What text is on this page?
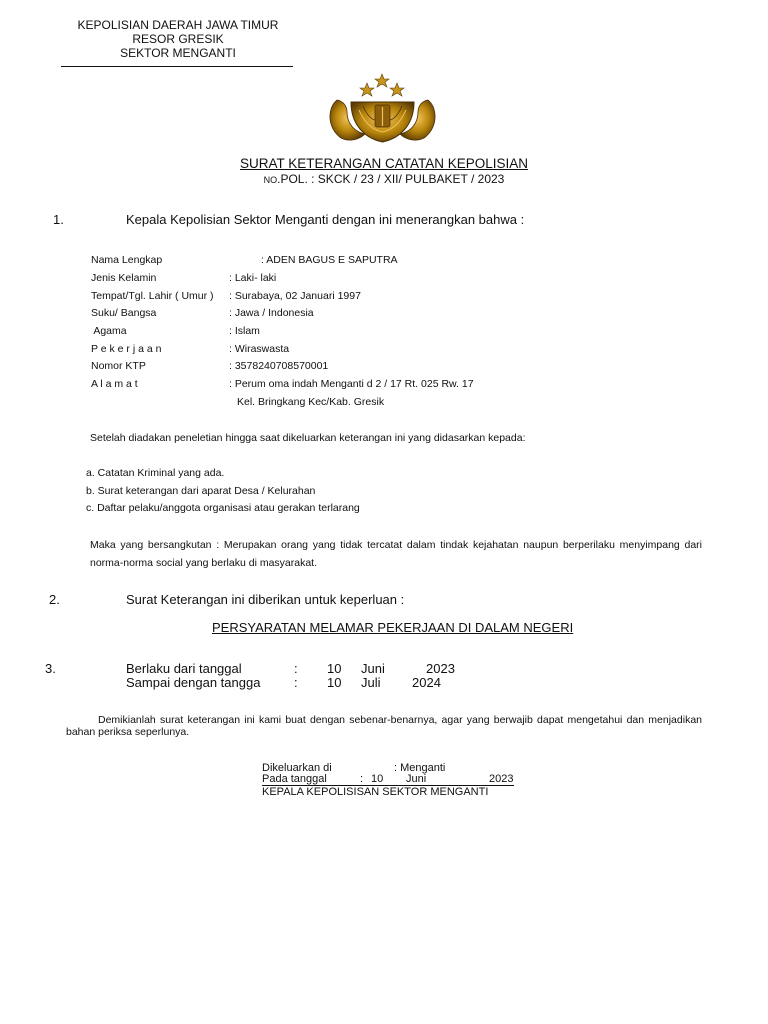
KEPOLISIAN DAERAH JAWA TIMUR
RESOR GRESIK
SEKTOR MENGANTI
SURAT KETERANGAN CATATAN KEPOLISIAN
NO.POL. : SKCK / 23 / XII/ PULBAKET / 2023
1.	Kepala Kepolisian Sektor Menganti dengan ini menerangkan bahwa :
Nama Lengkap	: ADEN BAGUS E SAPUTRA
Jenis Kelamin	: Laki- laki
Tempat/Tgl. Lahir ( Umur ) : Surabaya, 02 Januari 1997
Suku/ Bangsa	: Jawa / Indonesia
Agama	: Islam
P e k e r j a a n	: Wiraswasta
Nomor KTP	: 3578240708570001
A l a m a t	: Perum oma indah Menganti d 2 / 17 Rt. 025 Rw. 17
Kel. Bringkang Kec/Kab. Gresik
Setelah diadakan peneletian hingga saat dikeluarkan keterangan ini yang didasarkan kepada:
a. Catatan Kriminal yang ada.
b. Surat keterangan dari aparat Desa / Kelurahan
c. Daftar pelaku/anggota organisasi atau gerakan terlarang
Maka yang bersangkutan : Merupakan orang yang tidak tercatat dalam tindak kejahatan naupun berperilaku menyimpang dari norma-norma social yang berlaku di masyarakat.
2.	Surat Keterangan ini diberikan untuk keperluan :
PERSYARATAN MELAMAR PEKERJAAN DI DALAM NEGERI
3.	Berlaku dari tanggal	: 10 Juni	2023
Sampai dengan tangga	: 10 Juli 2024
Demikianlah surat keterangan ini kami buat dengan sebenar-benarnya, agar yang berwajib dapat mengetahui dan menjadikan bahan periksa seperlunya.
Dikeluarkan di	: Menganti
Pada tanggal	: 10 Juni	2023
KEPALA KEPOLISISAN SEKTOR MENGANTI
